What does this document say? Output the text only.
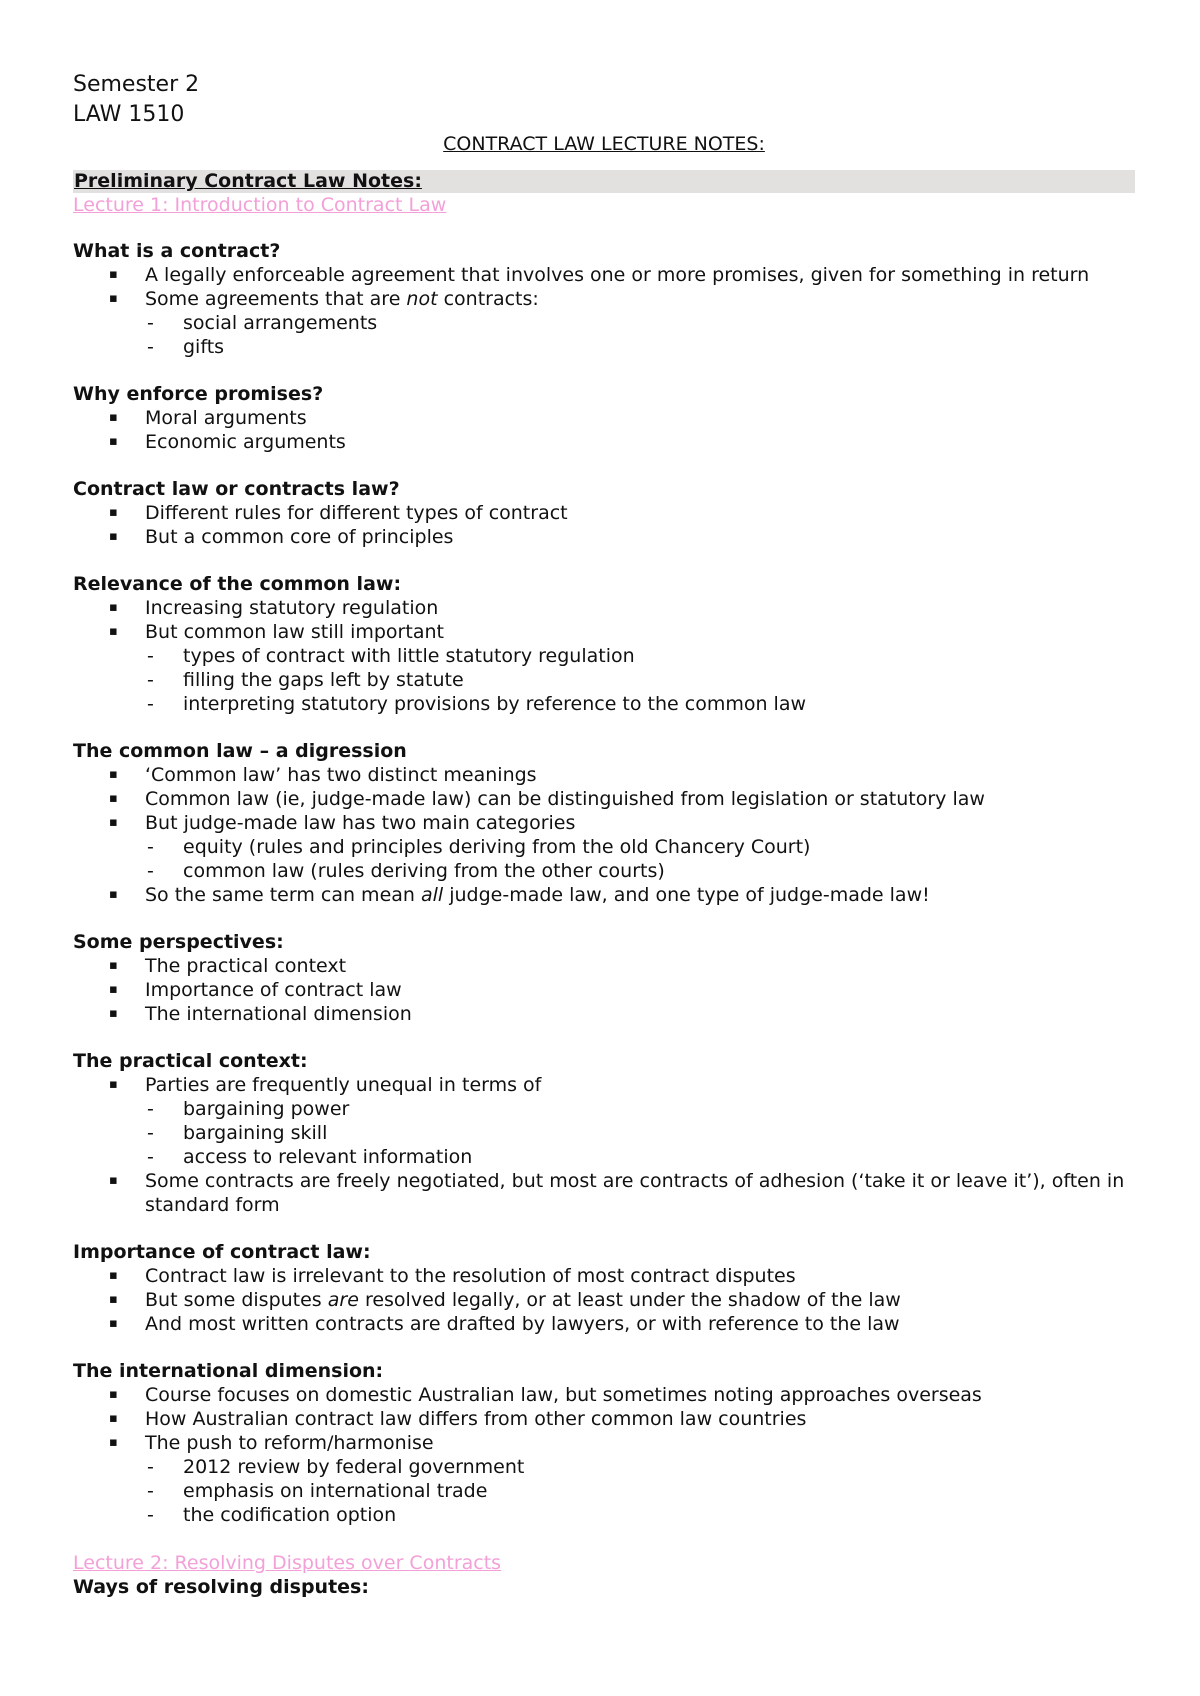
Semester 2
LAW 1510
CONTRACT LAW LECTURE NOTES:
Preliminary Contract Law Notes:
Lecture 1: Introduction to Contract Law
What is a contract?
▪ A legally enforceable agreement that involves one or more promises, given for something in return
▪ Some agreements that are not contracts:
- social arrangements
- gifts
Why enforce promises?
▪ Moral arguments
▪ Economic arguments
Contract law or contracts law?
▪ Different rules for different types of contract
▪ But a common core of principles
Relevance of the common law:
▪ Increasing statutory regulation
▪ But common law still important
- types of contract with little statutory regulation
- filling the gaps left by statute
- interpreting statutory provisions by reference to the common law
The common law – a digression
▪ ‘Common law’ has two distinct meanings
▪ Common law (ie, judge-made law) can be distinguished from legislation or statutory law
▪ But judge-made law has two main categories
- equity (rules and principles deriving from the old Chancery Court)
- common law (rules deriving from the other courts)
▪ So the same term can mean all judge-made law, and one type of judge-made law!
Some perspectives:
▪ The practical context
▪ Importance of contract law
▪ The international dimension
The practical context:
▪ Parties are frequently unequal in terms of
- bargaining power
- bargaining skill
- access to relevant information
▪ Some contracts are freely negotiated, but most are contracts of adhesion (‘take it or leave it’), often in standard form
Importance of contract law:
▪ Contract law is irrelevant to the resolution of most contract disputes
▪ But some disputes are resolved legally, or at least under the shadow of the law
▪ And most written contracts are drafted by lawyers, or with reference to the law
The international dimension:
▪ Course focuses on domestic Australian law, but sometimes noting approaches overseas
▪ How Australian contract law differs from other common law countries
▪ The push to reform/harmonise
- 2012 review by federal government
- emphasis on international trade
- the codification option
Lecture 2: Resolving Disputes over Contracts
Ways of resolving disputes:
